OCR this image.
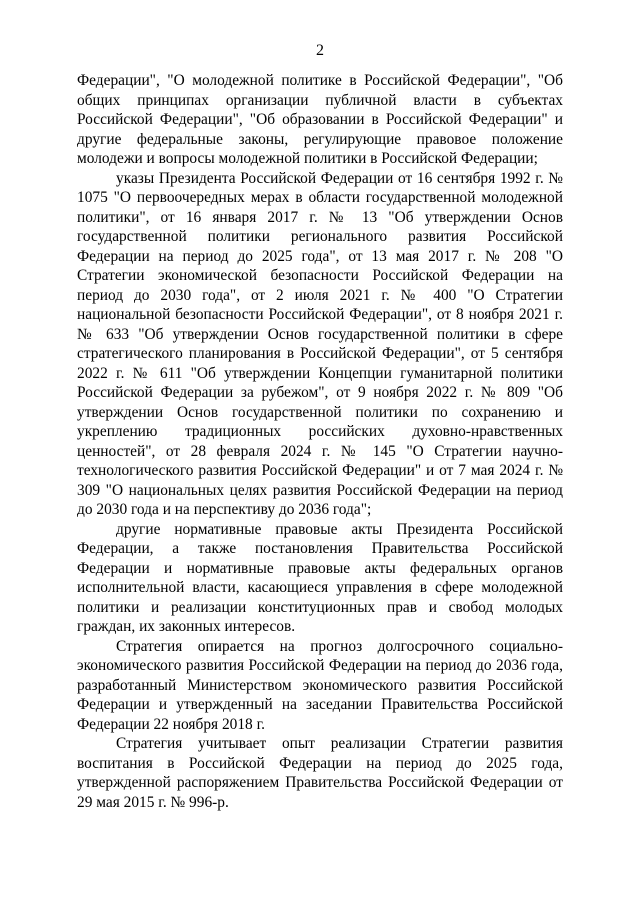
2

Федерации", "О молодежной политике в Российской Федерации", "Об общих принципах организации публичной власти в субъектах Российской Федерации", "Об образовании в Российской Федерации" и другие федеральные законы, регулирующие правовое положение молодежи и вопросы молодежной политики в Российской Федерации;

указы Президента Российской Федерации от 16 сентября 1992 г. № 1075 "О первоочередных мерах в области государственной молодежной политики", от 16 января 2017 г. № 13 "Об утверждении Основ государственной политики регионального развития Российской Федерации на период до 2025 года", от 13 мая 2017 г. № 208 "О Стратегии экономической безопасности Российской Федерации на период до 2030 года", от 2 июля 2021 г. № 400 "О Стратегии национальной безопасности Российской Федерации", от 8 ноября 2021 г. № 633 "Об утверждении Основ государственной политики в сфере стратегического планирования в Российской Федерации", от 5 сентября 2022 г. № 611 "Об утверждении Концепции гуманитарной политики Российской Федерации за рубежом", от 9 ноября 2022 г. № 809 "Об утверждении Основ государственной политики по сохранению и укреплению традиционных российских духовно-нравственных ценностей", от 28 февраля 2024 г. № 145 "О Стратегии научно-технологического развития Российской Федерации" и от 7 мая 2024 г. № 309 "О национальных целях развития Российской Федерации на период до 2030 года и на перспективу до 2036 года";

другие нормативные правовые акты Президента Российской Федерации, а также постановления Правительства Российской Федерации и нормативные правовые акты федеральных органов исполнительной власти, касающиеся управления в сфере молодежной политики и реализации конституционных прав и свобод молодых граждан, их законных интересов.

Стратегия опирается на прогноз долгосрочного социально-экономического развития Российской Федерации на период до 2036 года, разработанный Министерством экономического развития Российской Федерации и утвержденный на заседании Правительства Российской Федерации 22 ноября 2018 г.

Стратегия учитывает опыт реализации Стратегии развития воспитания в Российской Федерации на период до 2025 года, утвержденной распоряжением Правительства Российской Федерации от 29 мая 2015 г. № 996-р.
